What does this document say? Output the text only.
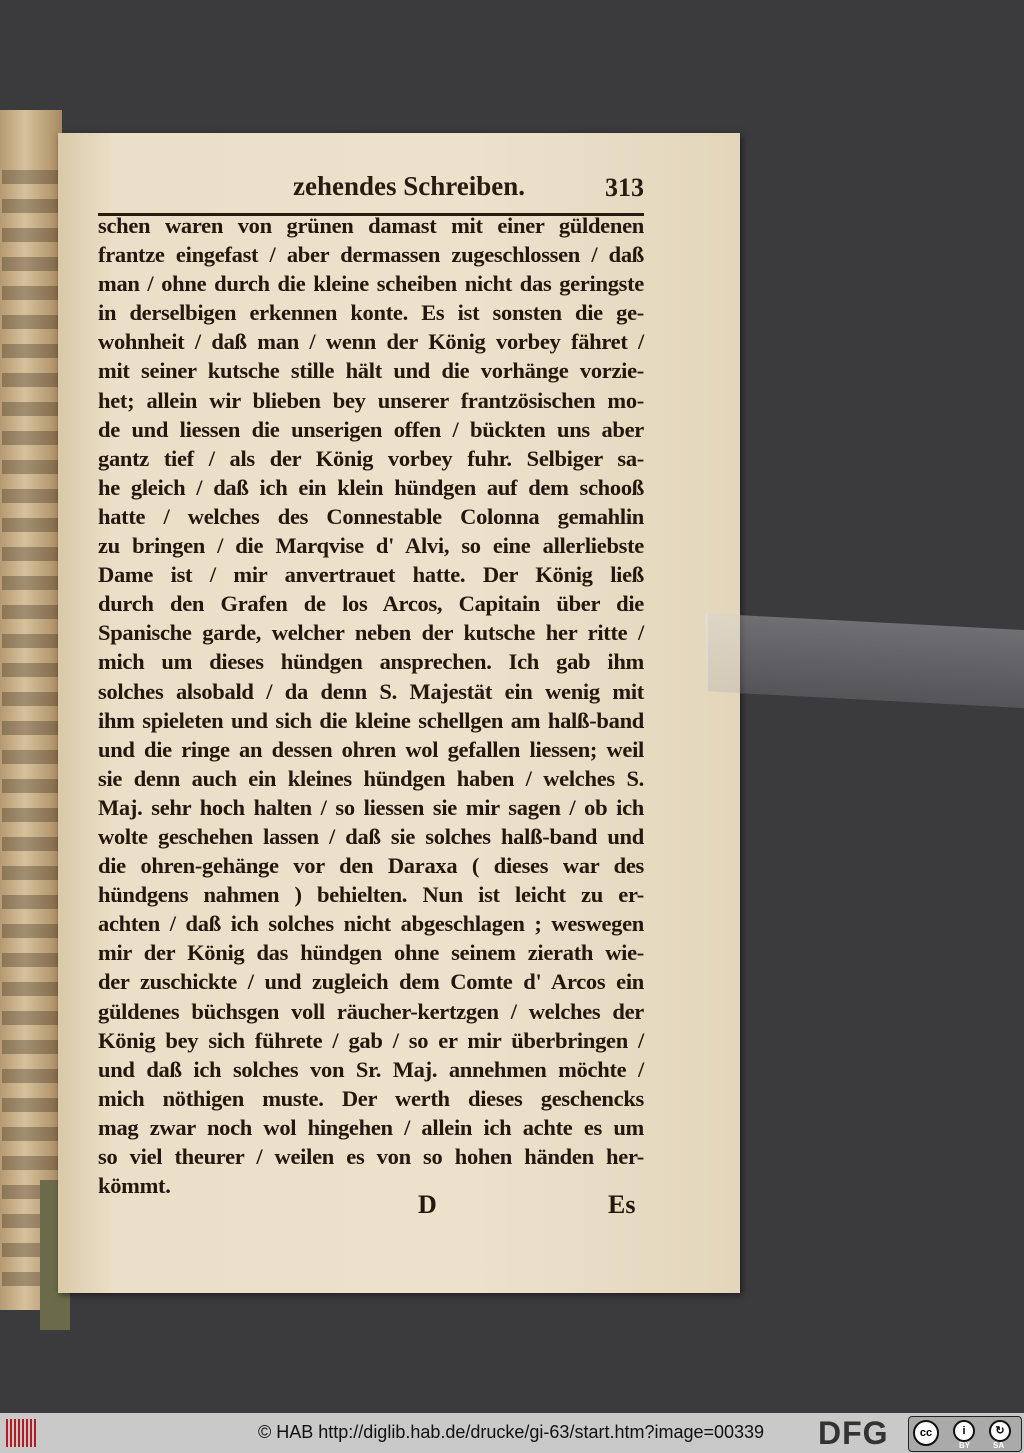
zehendes Schreiben.	313
schen waren von grünen damast mit einer güldenen
frantze eingefast / aber dermassen zugeschlossen / daß
man / ohne durch die kleine scheiben nicht das geringste
in derselbigen erkennen konte. Es ist sonsten die ge-
wohnheit / daß man / wenn der König vorbey fähret /
mit seiner kutsche stille hält und die vorhänge vorzie-
het; allein wir blieben bey unserer frantzösischen mo-
de und liessen die unserigen offen / bückten uns aber
gantz tief / als der König vorbey fuhr. Selbiger sa-
he gleich / daß ich ein klein hündgen auf dem schooß
hatte / welches des Connestable Colonna gemahlin
zu bringen / die Marqvise d' Alvi, so eine allerliebste
Dame ist / mir anvertrauet hatte. Der König ließ
durch den Grafen de los Arcos, Capitain über die
Spanische garde, welcher neben der kutsche her ritte /
mich um dieses hündgen ansprechen. Ich gab ihm
solches alsobald / da denn S. Majestät ein wenig mit
ihm spieleten und sich die kleine schellgen am halß-band
und die ringe an dessen ohren wol gefallen liessen; weil
sie denn auch ein kleines hündgen haben / welches S.
Maj. sehr hoch halten / so liessen sie mir sagen / ob ich
wolte geschehen lassen / daß sie solches halß-band und
die ohren-gehänge vor den Daraxa ( dieses war des
hündgens nahmen ) behielten. Nun ist leicht zu er-
achten / daß ich solches nicht abgeschlagen ; weswegen
mir der König das hündgen ohne seinem zierath wie-
der zuschickte / und zugleich dem Comte d' Arcos ein
güldenes büchsgen voll räucher-kertzgen / welches der
König bey sich führete / gab / so er mir überbringen /
und daß ich solches von Sr. Maj. annehmen möchte /
mich nöthigen muste. Der werth dieses geschencks
mag zwar noch wol hingehen / allein ich achte es um
so viel theurer / weilen es von so hohen händen her-
kömmt.
D	Es
© HAB http://diglib.hab.de/drucke/gi-63/start.htm?image=00339 DFG	cc	i	↻
BY	SA
